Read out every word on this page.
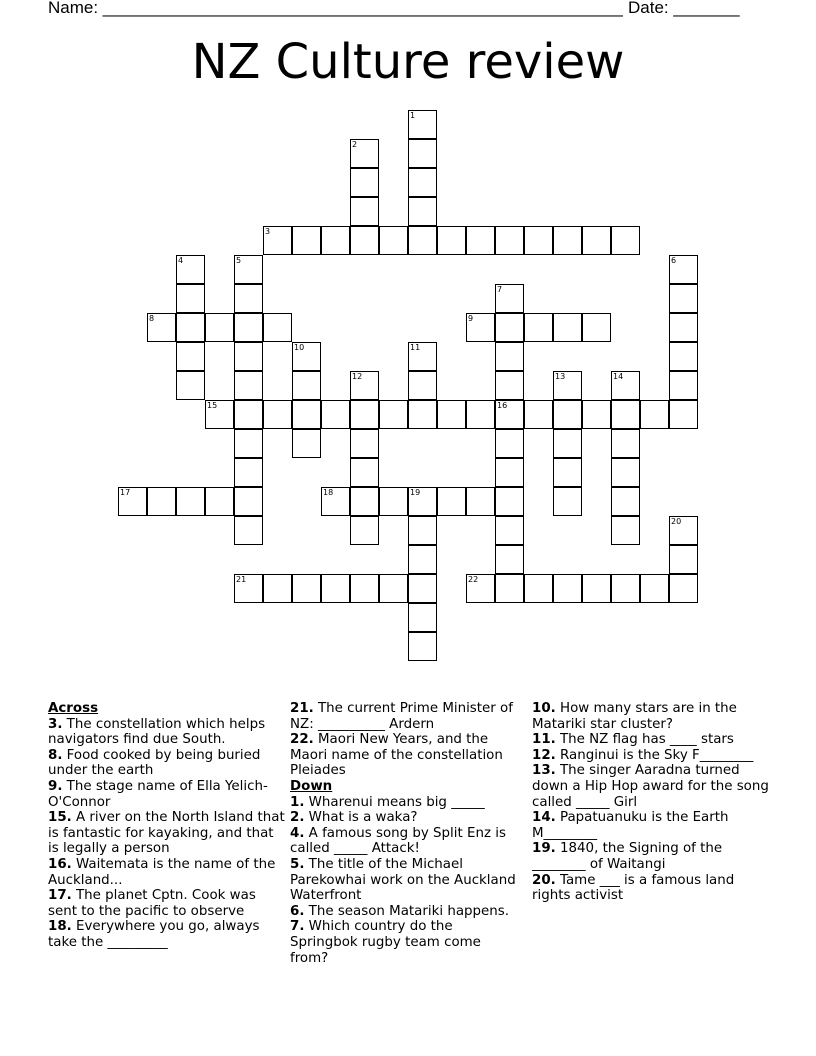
Name: _______________________________________________________ Date: _______
NZ Culture review
1
2
3
4	5	6
7
8	9
10	11
12	13	14
15	16
17	18	19
20
21	22

Across

3. The constellation which helps navigators find due South.

8. Food cooked by being buried under the earth

9. The stage name of Ella Yelich-O'Connor

15. A river on the North Island that is fantastic for kayaking, and that is legally a person

16. Waitemata is the name of the Auckland...

17. The planet Cptn. Cook was sent to the pacific to observe

18. Everywhere you go, always take the _________

21. The current Prime Minister of NZ: __________ Ardern

22. Maori New Years, and the Maori name of the constellation Pleiades

Down

1. Wharenui means big _____

2. What is a waka?

4. A famous song by Split Enz is called _____ Attack!

5. The title of the Michael Parekowhai work on the Auckland Waterfront

6. The season Matariki happens.

7. Which country do the Springbok rugby team come from?

10. How many stars are in the Matariki star cluster?

11. The NZ flag has ____ stars

12. Ranginui is the Sky F________

13. The singer Aaradna turned down a Hip Hop award for the song called _____ Girl

14. Papatuanuku is the Earth M________

19. 1840, the Signing of the ________ of Waitangi

20. Tame ___ is a famous land rights activist
